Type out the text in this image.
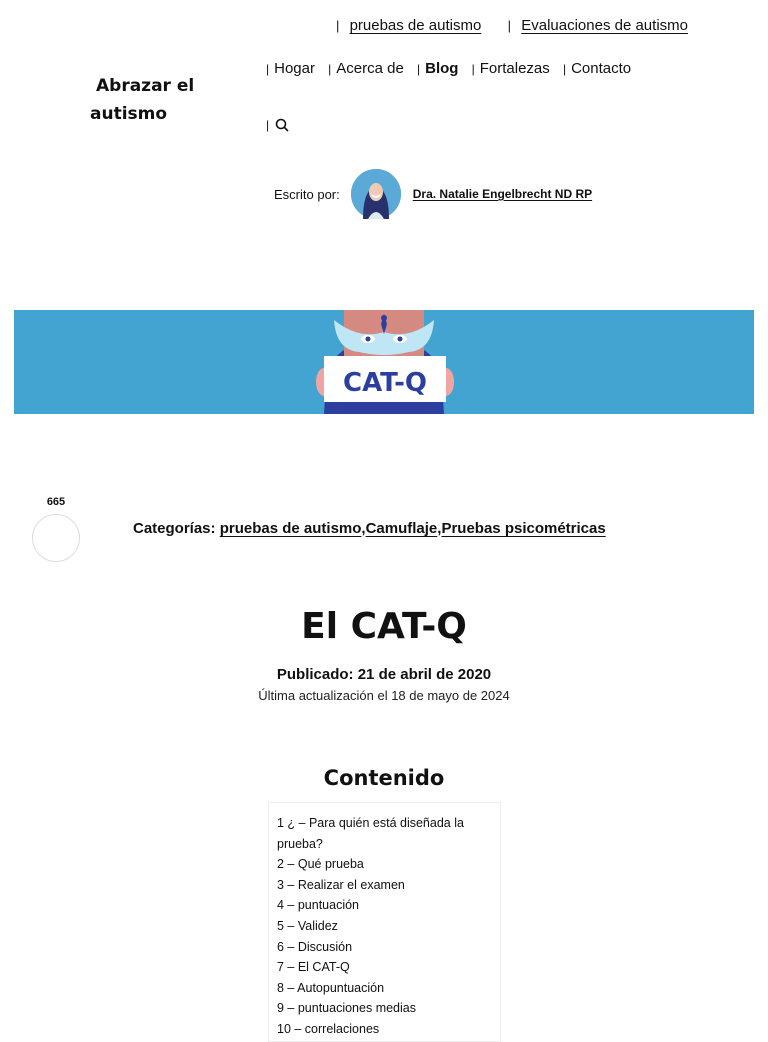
| pruebas de autismo | Evaluaciones de autismo
Abrazar el
autismo
| Hogar | Acerca de | Blog | Fortalezas | Contacto
|
Escrito por:	Dra. Natalie Engelbrecht ND RP
CAT-Q
665
Categorías: pruebas de autismo,Camuflaje,Pruebas psicométricas
El CAT-Q
Publicado: 21 de abril de 2020
Última actualización el 18 de mayo de 2024
Contenido
1 ¿ – Para quién está diseñada la prueba?
2 – Qué prueba
3 – Realizar el examen
4 – puntuación
5 – Validez
6 – Discusión
7 – El CAT-Q
8 – Autopuntuación
9 – puntuaciones medias
10 – correlaciones
